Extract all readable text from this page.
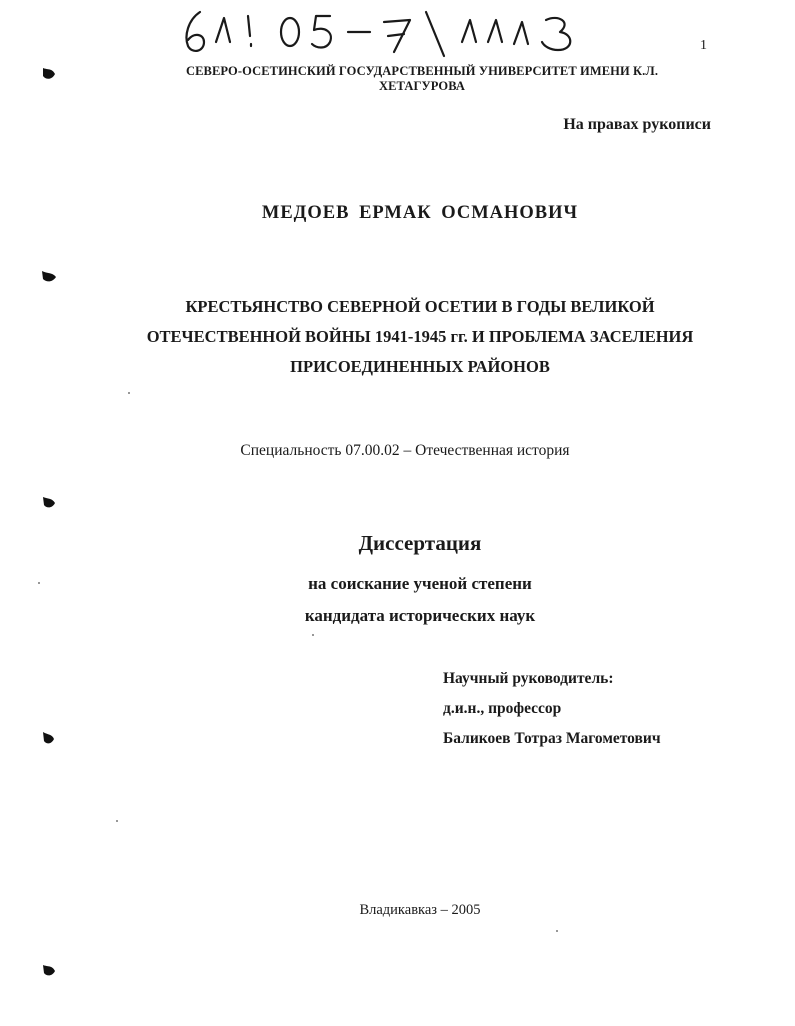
1
СЕВЕРО-ОСЕТИНСКИЙ ГОСУДАРСТВЕННЫЙ УНИВЕРСИТЕТ ИМЕНИ К.Л. ХЕТАГУРОВА
На правах рукописи
МЕДОЕВ ЕРМАК ОСМАНОВИЧ
КРЕСТЬЯНСТВО СЕВЕРНОЙ ОСЕТИИ В ГОДЫ ВЕЛИКОЙ
ОТЕЧЕСТВЕННОЙ ВОЙНЫ 1941-1945 гг. И ПРОБЛЕМА ЗАСЕЛЕНИЯ
ПРИСОЕДИНЕННЫХ РАЙОНОВ
Специальность 07.00.02 – Отечественная история
Диссертация
на соискание ученой степени
кандидата исторических наук
Научный руководитель:
д.и.н., профессор
Баликоев Тотраз Магометович
Владикавказ – 2005
